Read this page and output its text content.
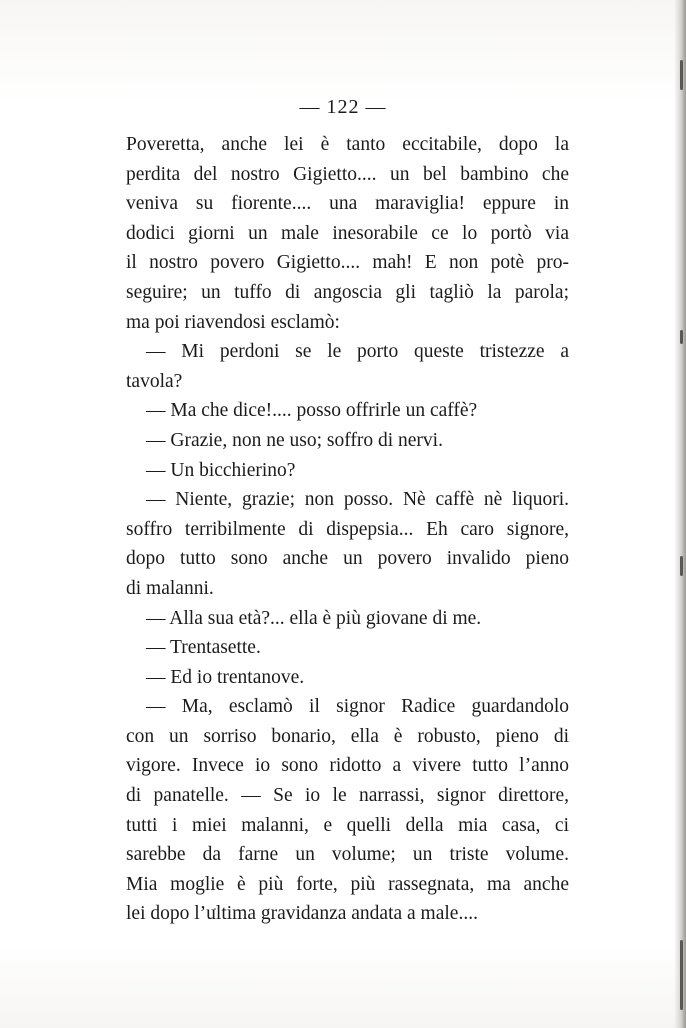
— 122 —
Poveretta, anche lei è tanto eccitabile, dopo la
perdita del nostro Gigietto.... un bel bambino che
veniva su fiorente.... una maraviglia! eppure in
dodici giorni un male inesorabile ce lo portò via
il nostro povero Gigietto.... mah! E non potè pro-
seguire; un tuffo di angoscia gli tagliò la parola;
ma poi riavendosi esclamò:
— Mi perdoni se le porto queste tristezze a
tavola?
— Ma che dice!.... posso offrirle un caffè?
— Grazie, non ne uso; soffro di nervi.
— Un bicchierino?
— Niente, grazie; non posso. Nè caffè nè liquori.
soffro terribilmente di dispepsia... Eh caro signore,
dopo tutto sono anche un povero invalido pieno
di malanni.
— Alla sua età?... ella è più giovane di me.
— Trentasette.
— Ed io trentanove.
— Ma, esclamò il signor Radice guardandolo
con un sorriso bonario, ella è robusto, pieno di
vigore. Invece io sono ridotto a vivere tutto l’anno
di panatelle. — Se io le narrassi, signor direttore,
tutti i miei malanni, e quelli della mia casa, ci
sarebbe da farne un volume; un triste volume.
Mia moglie è più forte, più rassegnata, ma anche
lei dopo l’ultima gravidanza andata a male....
